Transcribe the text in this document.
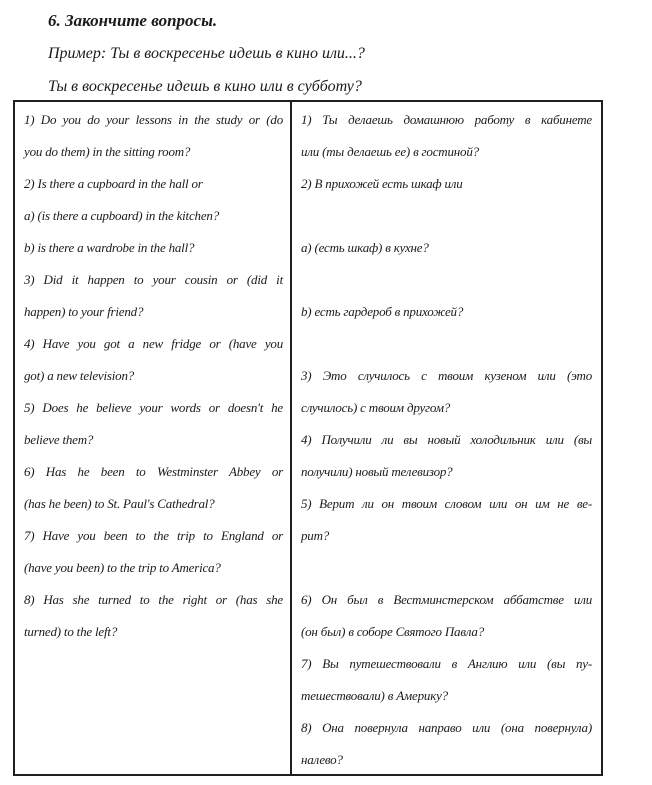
6. Закончите вопросы.
Пример: Ты в воскресенье идешь в кино или...?
Ты в воскресенье идешь в кино или в субботу?
1) Do you do your lessons in the study or (do
you do them) in the sitting room?
2) Is there a cupboard in the hall or
a) (is there a cupboard) in the kitchen?
b) is there a wardrobe in the hall?
3) Did it happen to your cousin or (did it
happen) to your friend?
4) Have you got a new fridge or (have you
got) a new television?
5) Does he believe your words or doesn't he
believe them?
6) Has he been to Westminster Abbey or
(has he been) to St. Paul's Cathedral?
7) Have you been to the trip to England or
(have you been) to the trip to America?
8) Has she turned to the right or (has she
turned) to the left?
1) Ты делаешь домашнюю работу в кабинете
или (ты делаешь ее) в гостиной?
2) В прихожей есть шкаф или
a) (есть шкаф) в кухне?
b) есть гардероб в прихожей?
3) Это случилось с твоим кузеном или (это
случилось) с твоим другом?
4) Получили ли вы новый холодильник или (вы
получили) новый телевизор?
5) Верит ли он твоим словом или он им не ве-
рит?
6) Он был в Вестминстерском аббатстве или
(он был) в соборе Святого Павла?
7) Вы путешествовали в Англию или (вы пу-
тешествовали) в Америку?
8) Она повернула направо или (она повернула)
налево?
